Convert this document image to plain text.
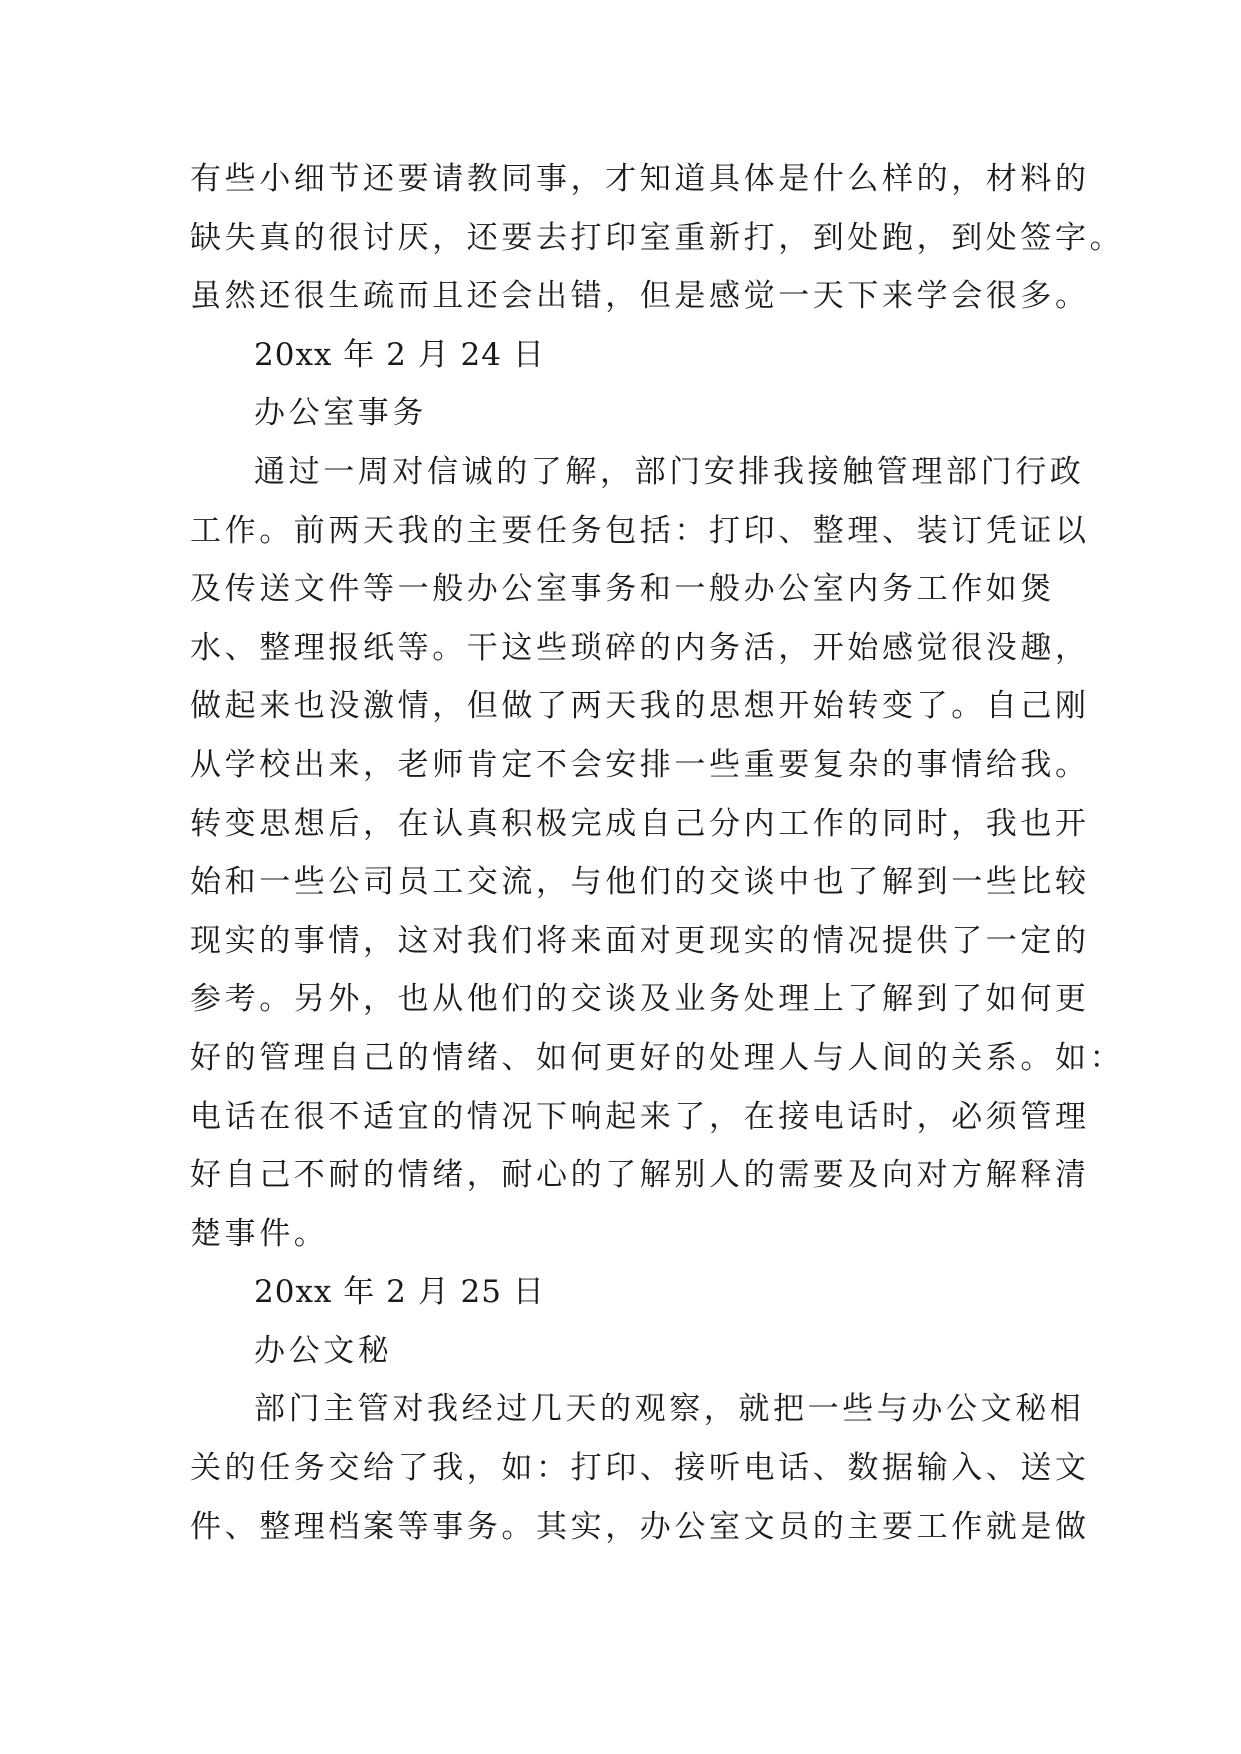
有些小细节还要请教同事，才知道具体是什么样的，材料的
缺失真的很讨厌，还要去打印室重新打，到处跑，到处签字。
虽然还很生疏而且还会出错，但是感觉一天下来学会很多。
20xx 年 2 月 24 日
办公室事务
通过一周对信诚的了解，部门安排我接触管理部门行政
工作。前两天我的主要任务包括：打印、整理、装订凭证以
及传送文件等一般办公室事务和一般办公室内务工作如煲
水、整理报纸等。干这些琐碎的内务活，开始感觉很没趣，
做起来也没激情，但做了两天我的思想开始转变了。自己刚
从学校出来，老师肯定不会安排一些重要复杂的事情给我。
转变思想后，在认真积极完成自己分内工作的同时，我也开
始和一些公司员工交流，与他们的交谈中也了解到一些比较
现实的事情，这对我们将来面对更现实的情况提供了一定的
参考。另外，也从他们的交谈及业务处理上了解到了如何更
好的管理自己的情绪、如何更好的处理人与人间的关系。如：
电话在很不适宜的情况下响起来了，在接电话时，必须管理
好自己不耐的情绪，耐心的了解别人的需要及向对方解释清
楚事件。
20xx 年 2 月 25 日
办公文秘
部门主管对我经过几天的观察，就把一些与办公文秘相
关的任务交给了我，如：打印、接听电话、数据输入、送文
件、整理档案等事务。其实，办公室文员的主要工作就是做
